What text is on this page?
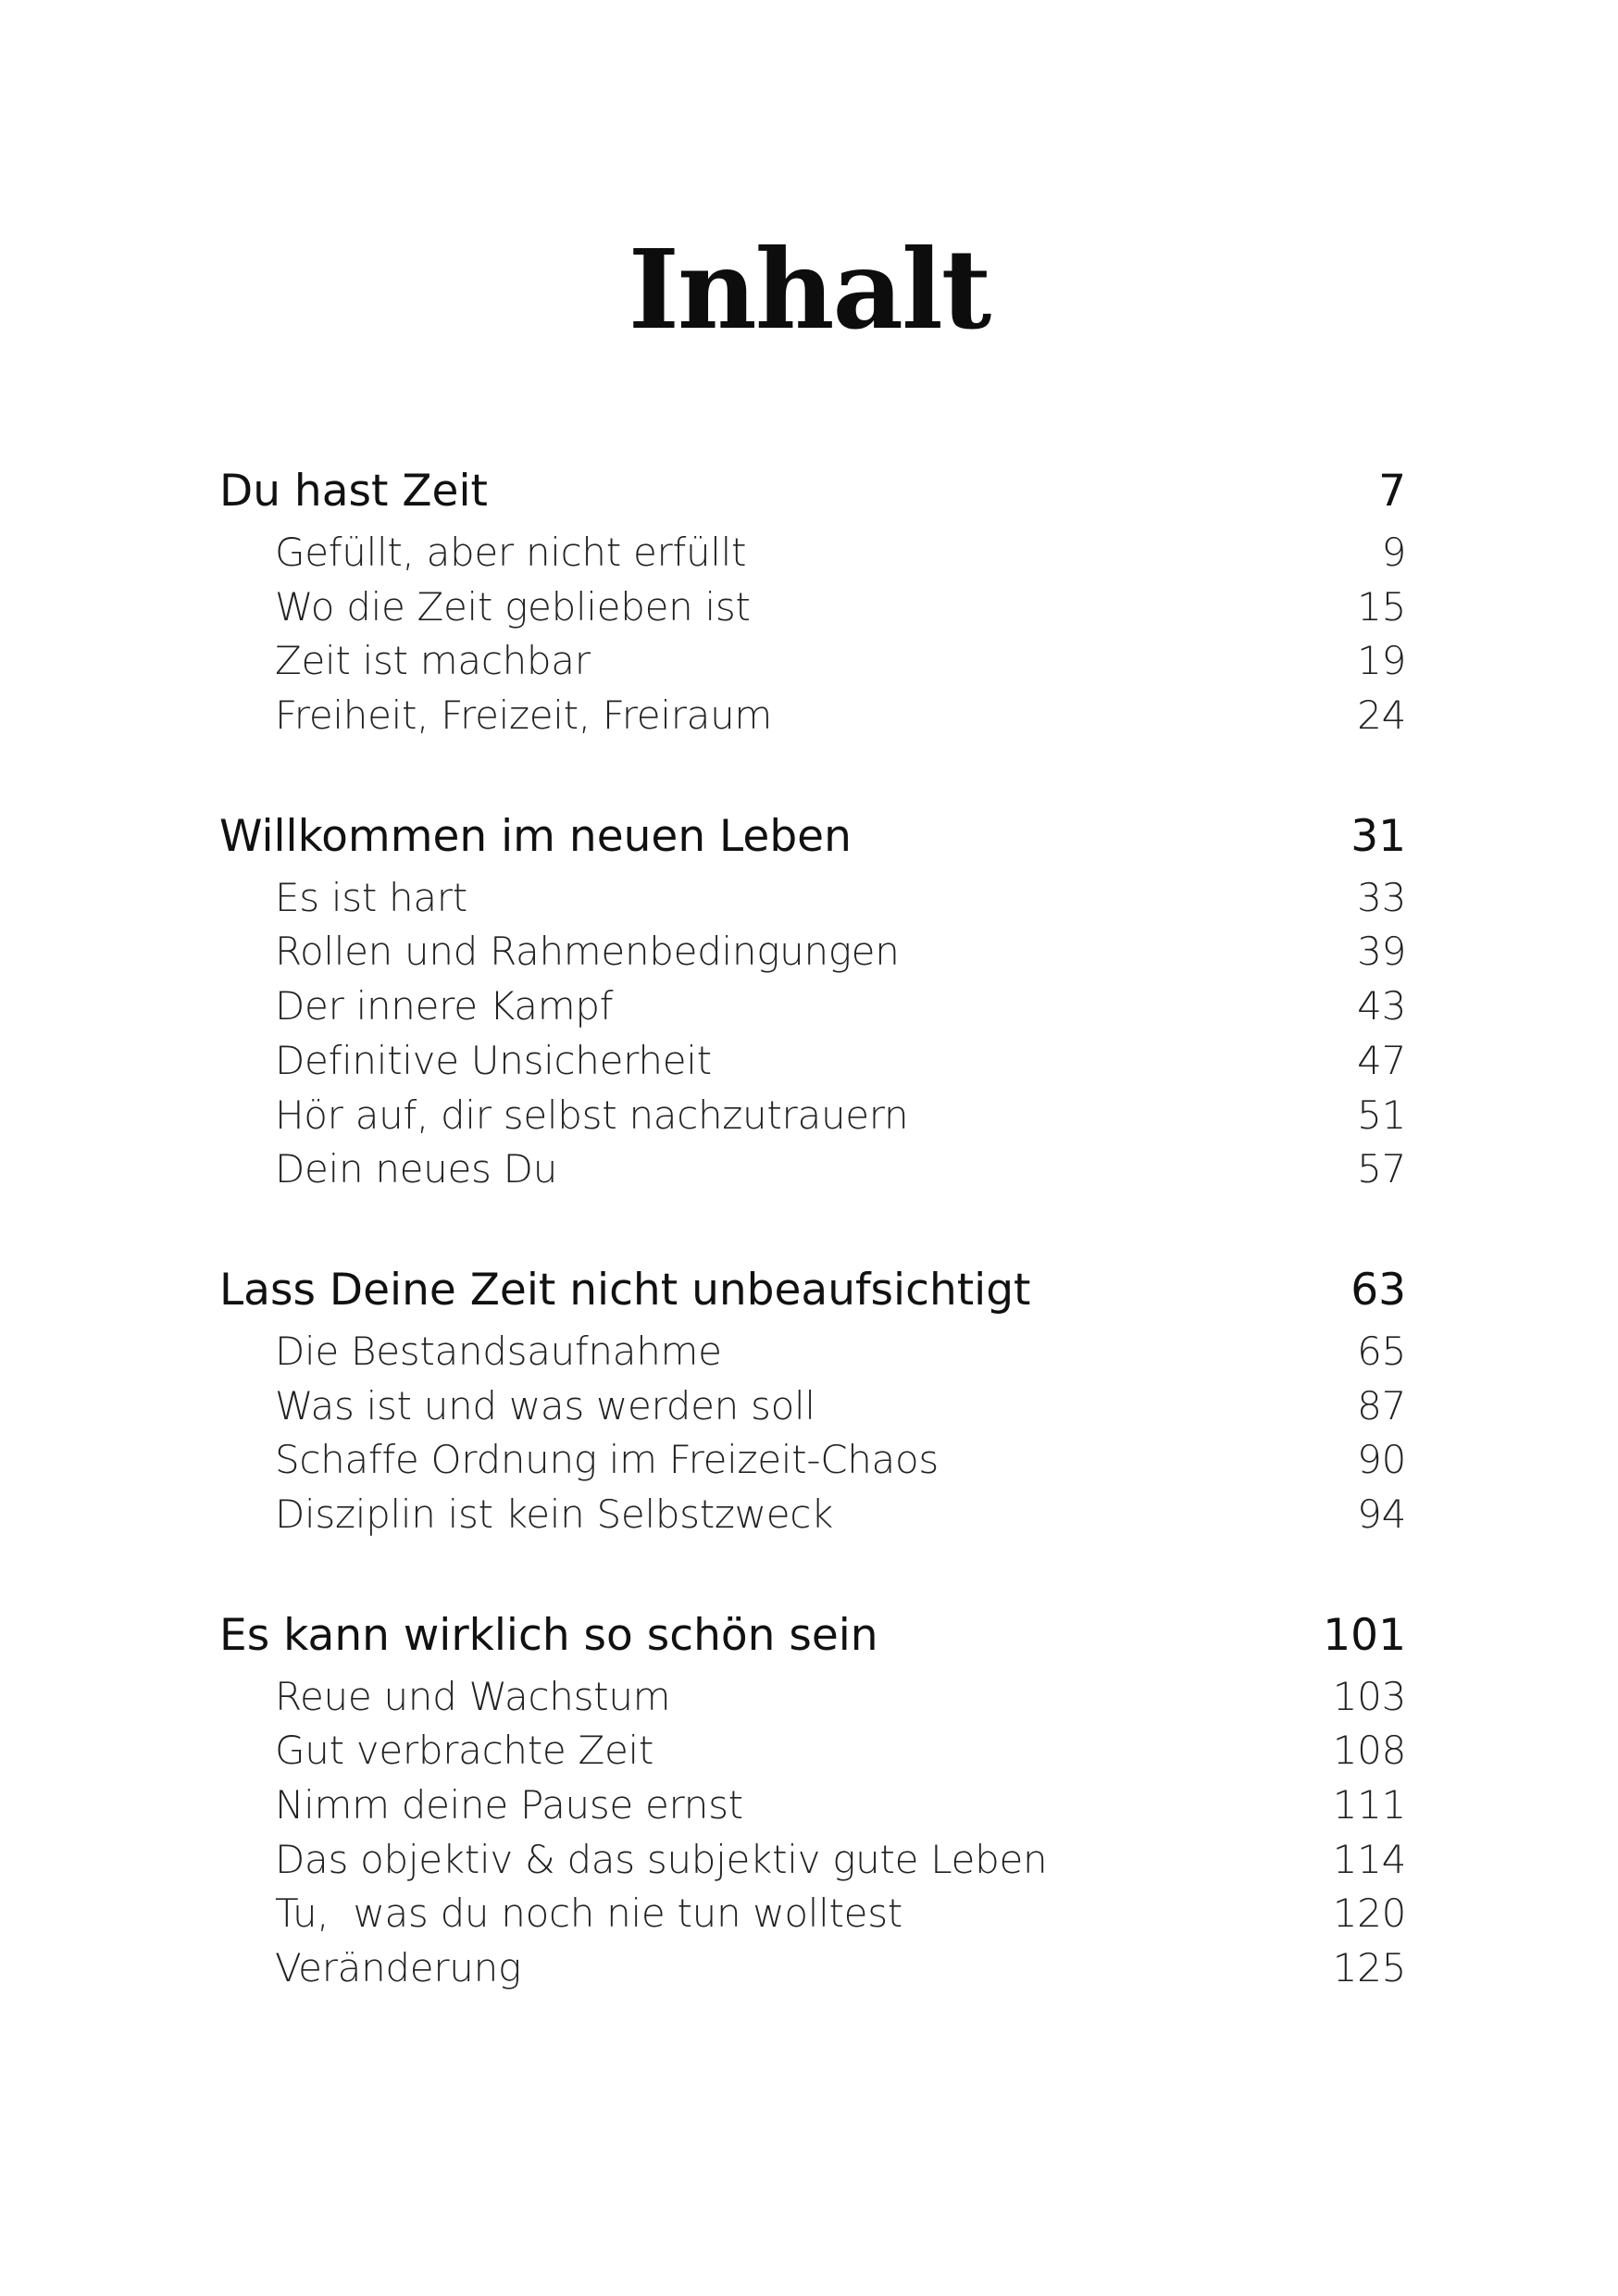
Inhalt
Du hast Zeit	7
Gefüllt, aber nicht erfüllt	9
Wo die Zeit geblieben ist	15
Zeit ist machbar	19
Freiheit, Freizeit, Freiraum	24
Willkommen im neuen Leben	31
Es ist hart	33
Rollen und Rahmenbedingungen	39
Der innere Kampf	43
Definitive Unsicherheit	47
Hör auf, dir selbst nachzutrauern	51
Dein neues Du	57
Lass Deine Zeit nicht unbeaufsichtigt	63
Die Bestandsaufnahme	65
Was ist und was werden soll	87
Schaffe Ordnung im Freizeit-Chaos	90
Disziplin ist kein Selbstzweck	94
Es kann wirklich so schön sein	101
Reue und Wachstum	103
Gut verbrachte Zeit	108
Nimm deine Pause ernst	111
Das objektiv & das subjektiv gute Leben	114
Tu,  was du noch nie tun wolltest	120
Veränderung	125
